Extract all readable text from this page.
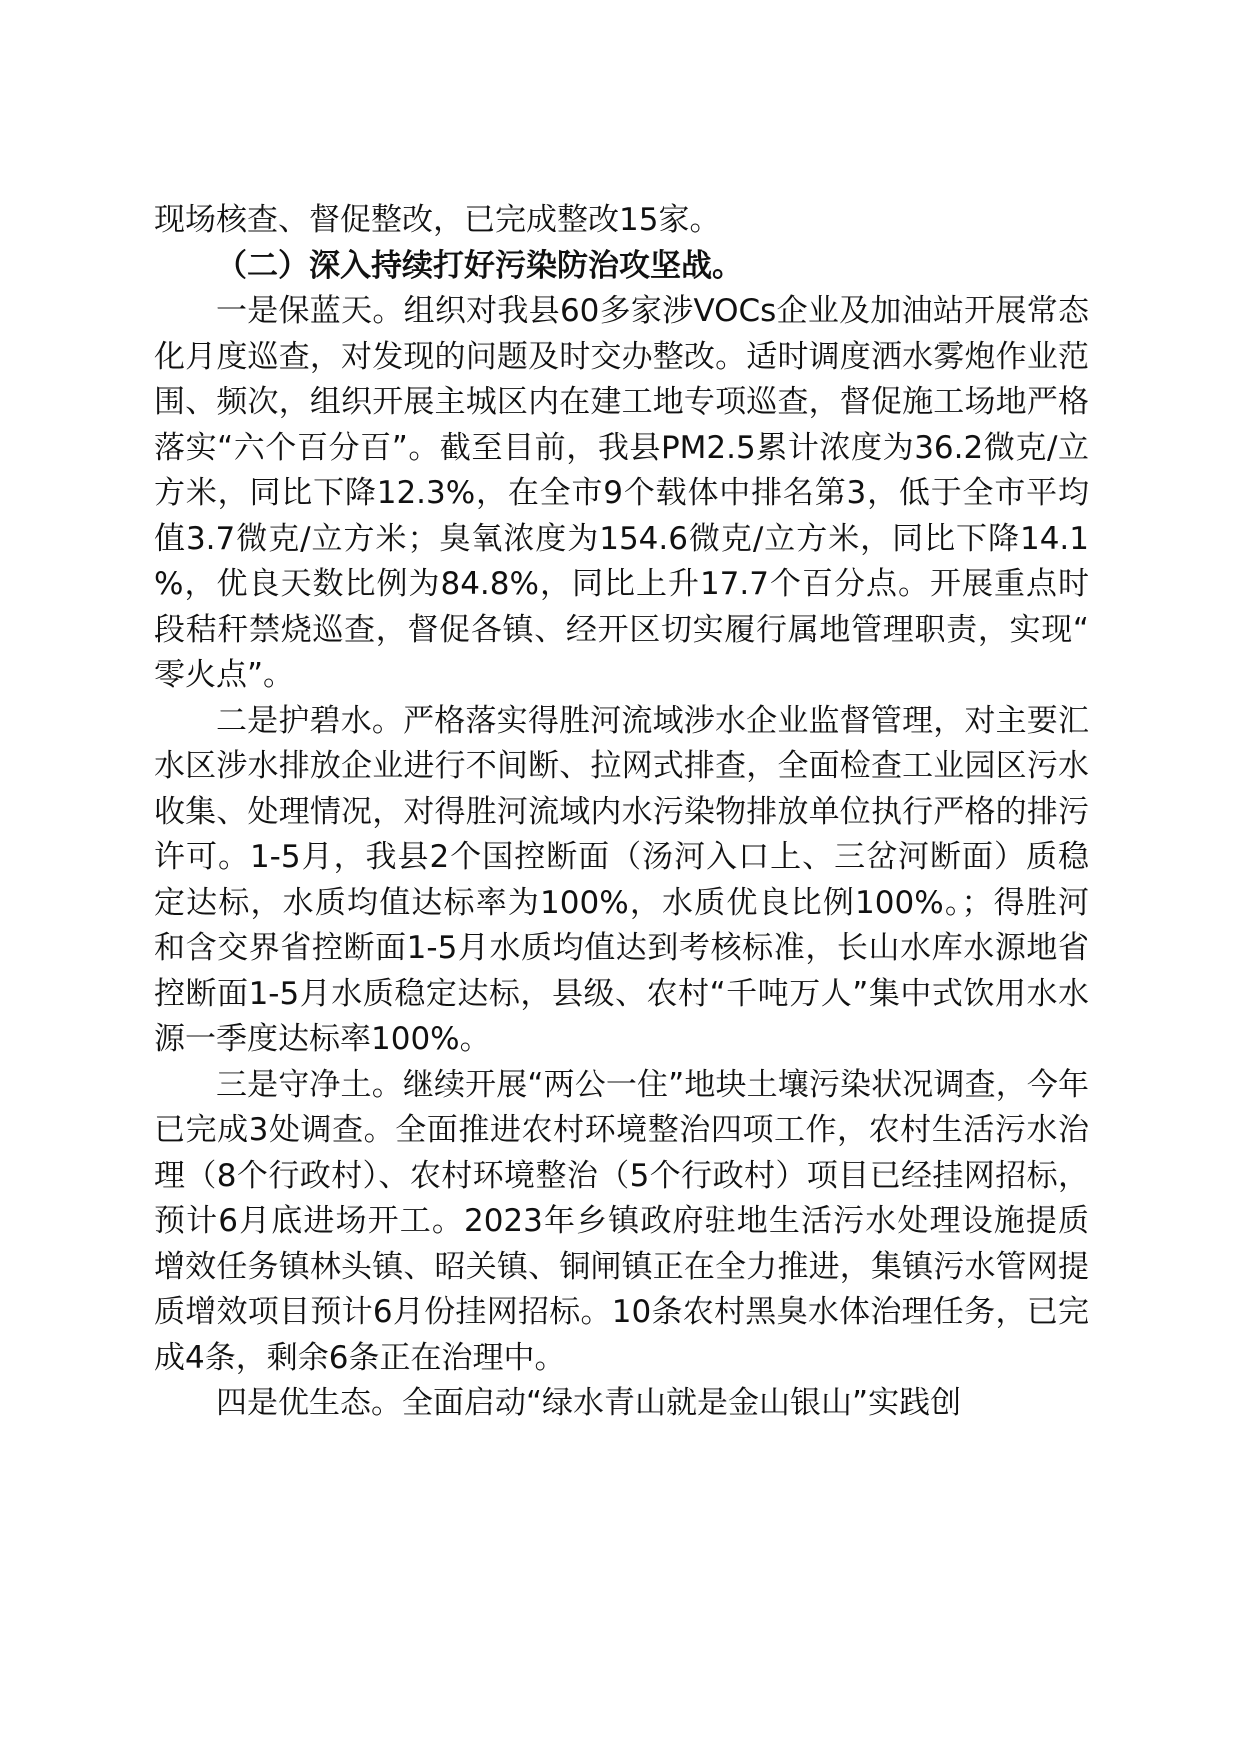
现场核查、督促整改，已完成整改15家。

（二）深入持续打好污染防治攻坚战。

一是保蓝天。组织对我县60多家涉VOCs企业及加油站开展常态化月度巡查，对发现的问题及时交办整改。适时调度洒水雾炮作业范围、频次，组织开展主城区内在建工地专项巡查，督促施工场地严格落实“六个百分百”。截至目前，我县PM2.5累计浓度为36.2微克/立方米，同比下降12.3%，在全市9个载体中排名第3，低于全市平均值3.7微克/立方米；臭氧浓度为154.6微克/立方米，同比下降14.1%，优良天数比例为84.8%，同比上升17.7个百分点。开展重点时段秸秆禁烧巡查，督促各镇、经开区切实履行属地管理职责，实现“零火点”。

二是护碧水。严格落实得胜河流域涉水企业监督管理，对主要汇水区涉水排放企业进行不间断、拉网式排查，全面检查工业园区污水收集、处理情况，对得胜河流域内水污染物排放单位执行严格的排污许可。1-5月，我县2个国控断面（汤河入口上、三岔河断面）质稳定达标，水质均值达标率为100%，水质优良比例100%。；得胜河和含交界省控断面1-5月水质均值达到考核标准，长山水库水源地省控断面1-5月水质稳定达标，县级、农村“千吨万人”集中式饮用水水源一季度达标率100%。

三是守净土。继续开展“两公一住”地块土壤污染状况调查，今年已完成3处调查。全面推进农村环境整治四项工作，农村生活污水治理（8个行政村）、农村环境整治（5个行政村）项目已经挂网招标，预计6月底进场开工。2023年乡镇政府驻地生活污水处理设施提质增效任务镇林头镇、昭关镇、铜闸镇正在全力推进，集镇污水管网提质增效项目预计6月份挂网招标。10条农村黑臭水体治理任务，已完成4条，剩余6条正在治理中。

四是优生态。全面启动“绿水青山就是金山银山”实践创
